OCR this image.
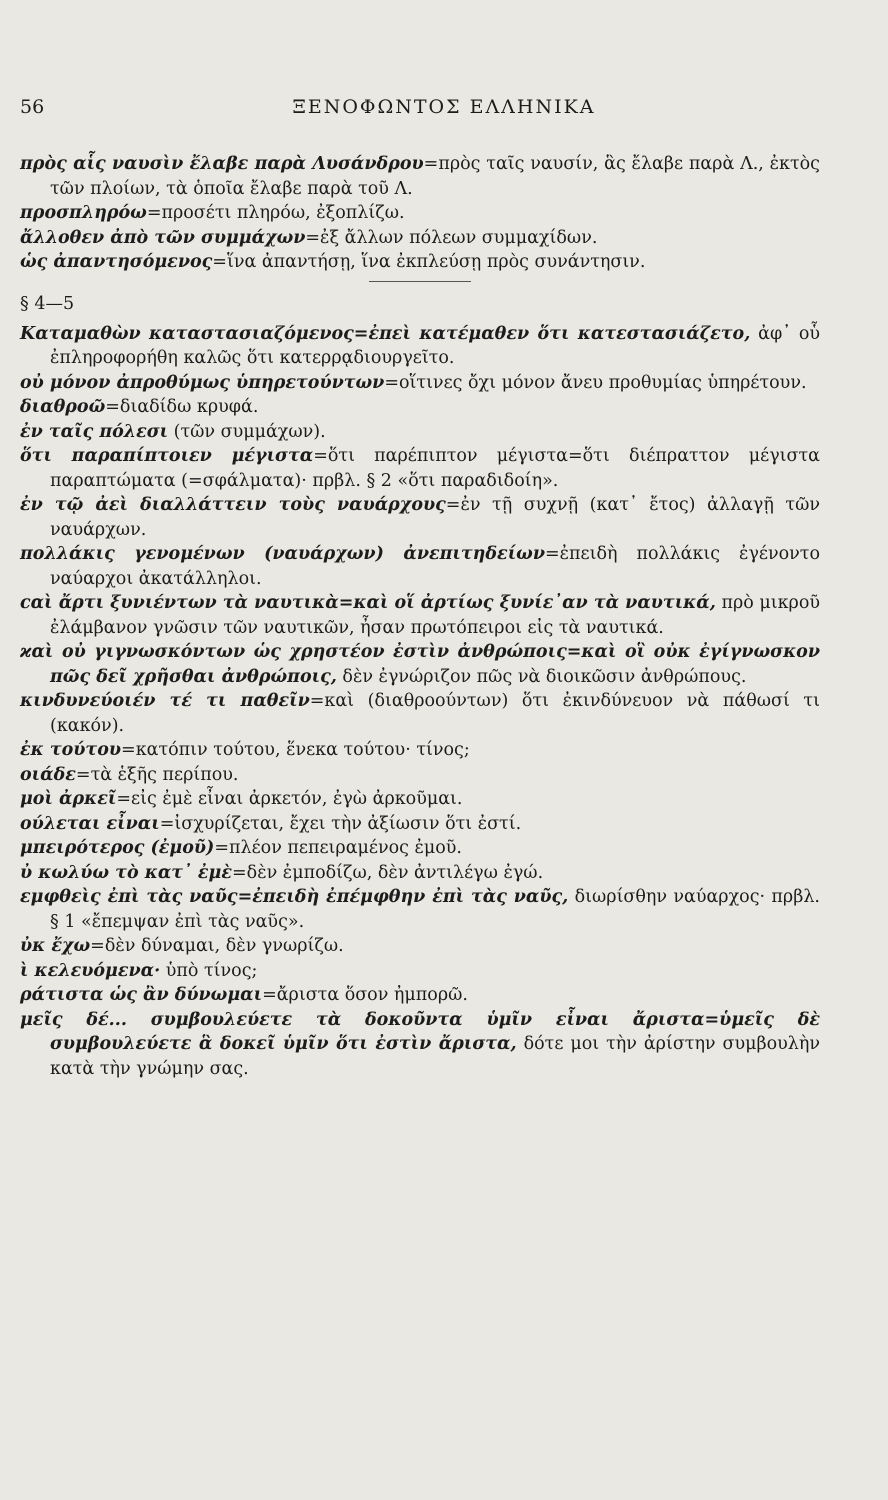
56	ΞΕΝΟΦΩΝΤΟΣ ΕΛΛΗΝΙΚΑ

πρὸς αἷς ναυσὶν ἔλαβε παρὰ Λυσάνδρου=πρὸς ταῖς ναυσίν, ἃς ἔλαβε παρὰ Λ., ἐκτὸς τῶν πλοίων, τὰ ὁποῖα ἔλαβε παρὰ τοῦ Λ.

προσπληρόω=προσέτι πληρόω, ἐξοπλίζω.

ἄλλοθεν ἀπὸ τῶν συμμάχων=ἐξ ἄλλων πόλεων συμμαχίδων.

ὡς ἀπαντησόμενος=ἵνα ἀπαντήσῃ, ἵνα ἐκπλεύσῃ πρὸς συνάντησιν.

§ 4—5

Καταμαθὼν καταστασιαζόμενος=ἐπεὶ κατέμαθεν ὅτι κατεστασιάζετο, ἀφ᾽ οὗ ἐπληροφορήθη καλῶς ὅτι κατερρᾳδιουργεῖτο.

οὐ μόνον ἀπροθύμως ὑπηρετούντων=οἵτινες ὄχι μόνον ἄνευ προθυμίας ὑπηρέτουν.

διαθροῶ=διαδίδω κρυφά.

ἐν ταῖς πόλεσι (τῶν συμμάχων).

ὅτι παραπίπτοιεν μέγιστα=ὅτι παρέπιπτον μέγιστα=ὅτι διέπραττον μέγιστα παραπτώματα (=σφάλματα)· πρβλ. § 2 «ὅτι παραδιδοίη».

ἐν τῷ ἀεὶ διαλλάττειν τοὺς ναυάρχους=ἐν τῇ συχνῇ (κατ᾽ ἔτος) ἀλλαγῇ τῶν ναυάρχων.

πολλάκις γενομένων (ναυάρχων) ἀνεπιτηδείων=ἐπειδὴ πολλάκις ἐγένοντο ναύαρχοι ἀκατάλληλοι.

ϲαὶ ἄρτι ξυνιέντων τὰ ναυτικὰ=καὶ οἵ ἀρτίως ξυνίε᾽αν τὰ ναυτικά, πρὸ μικροῦ ἐλάμβανον γνῶσιν τῶν ναυτικῶν, ἦσαν πρωτόπειροι εἰς τὰ ναυτικά.

ϰαὶ οὐ γιγνωσκόντων ὡς χρηστέον ἐστὶν ἀνθρώποις=καὶ οἳ οὐκ ἐγίγνωσκον πῶς δεῖ χρῆσθαι ἀνθρώποις, δὲν ἐγνώριζον πῶς νὰ διοικῶσιν ἀνθρώπους.

κινδυνεύοιέν τέ τι παθεῖν=καὶ (διαθροούντων) ὅτι ἐκινδύνευον νὰ πάθωσί τι (κακόν).

ἐκ τούτου=κατόπιν τούτου, ἕνεκα τούτου· τίνος;

οιάδε=τὰ ἑξῆς περίπου.

μοὶ ἀρκεῖ=εἰς ἐμὲ εἶναι ἀρκετόν, ἐγὼ ἀρκοῦμαι.

ούλεται εἶναι=ἰσχυρίζεται, ἔχει τὴν ἀξίωσιν ὅτι ἐστί.

μπειρότερος (ἐμοῦ)=πλέον πεπειραμένος ἐμοῦ.

ὐ κωλύω τὸ κατ᾽ ἐμὲ=δὲν ἐμποδίζω, δὲν ἀντιλέγω ἐγώ.

εμφθεὶς ἐπὶ τὰς ναῦς=ἐπειδὴ ἐπέμφθην ἐπὶ τὰς ναῦς, διωρίσθην ναύαρχος· πρβλ. § 1 «ἔπεμψαν ἐπὶ τὰς ναῦς».

ὐκ ἔχω=δὲν δύναμαι, δὲν γνωρίζω.

ὶ κελευόμενα· ὑπὸ τίνος;

ράτιστα ὡς ἂν δύνωμαι=ἄριστα ὅσον ἠμπορῶ.

μεῖς δέ... συμβουλεύετε τὰ δοκοῦντα ὑμῖν εἶναι ἄριστα=ὑμεῖς δὲ συμβουλεύετε ἃ δοκεῖ ὑμῖν ὅτι ἐστὶν ἄριστα, δότε μοι τὴν ἀρίστην συμβουλὴν κατὰ τὴν γνώμην σας.
